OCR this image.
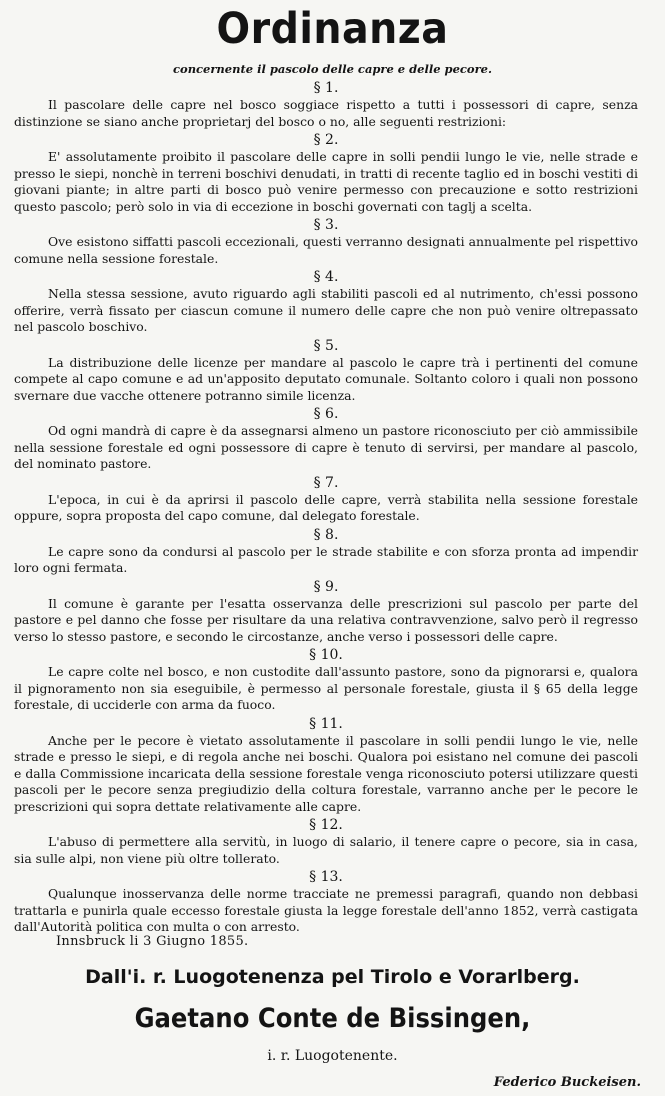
Ordinanza
concernente il pascolo delle capre e delle pecore.
§ 1.

Il pascolare delle capre nel bosco soggiace rispetto a tutti i possessori di capre, senza distinzione se siano anche proprietarj del bosco o no, alle seguenti restrizioni:

§ 2.

E' assolutamente proibito il pascolare delle capre in solli pendii lungo le vie, nelle strade e presso le siepi, nonchè in terreni boschivi denudati, in tratti di recente taglio ed in boschi vestiti di giovani piante; in altre parti di bosco può venire permesso con precauzione e sotto restrizioni questo pascolo; però solo in via di eccezione in boschi governati con taglj a scelta.

§ 3.

Ove esistono siffatti pascoli eccezionali, questi verranno designati annualmente pel rispettivo comune nella sessione forestale.

§ 4.

Nella stessa sessione, avuto riguardo agli stabiliti pascoli ed al nutrimento, ch'essi possono offerire, verrà fissato per ciascun comune il numero delle capre che non può venire oltrepassato nel pascolo boschivo.

§ 5.

La distribuzione delle licenze per mandare al pascolo le capre trà i pertinenti del comune compete al capo comune e ad un'apposito deputato comunale. Soltanto coloro i quali non possono svernare due vacche ottenere potranno simile licenza.

§ 6.

Od ogni mandrà di capre è da assegnarsi almeno un pastore riconosciuto per ciò ammissibile nella sessione forestale ed ogni possessore di capre è tenuto di servirsi, per mandare al pascolo, del nominato pastore.

§ 7.

L'epoca, in cui è da aprirsi il pascolo delle capre, verrà stabilita nella sessione forestale oppure, sopra proposta del capo comune, dal delegato forestale.

§ 8.

Le capre sono da condursi al pascolo per le strade stabilite e con sforza pronta ad impendir loro ogni fermata.

§ 9.

Il comune è garante per l'esatta osservanza delle prescrizioni sul pascolo per parte del pastore e pel danno che fosse per risultare da una relativa contravvenzione, salvo però il regresso verso lo stesso pastore, e secondo le circostanze, anche verso i possessori delle capre.

§ 10.

Le capre colte nel bosco, e non custodite dall'assunto pastore, sono da pignorarsi e, qualora il pignoramento non sia eseguibile, è permesso al personale forestale, giusta il § 65 della legge forestale, di ucciderle con arma da fuoco.

§ 11.

Anche per le pecore è vietato assolutamente il pascolare in solli pendii lungo le vie, nelle strade e presso le siepi, e di regola anche nei boschi. Qualora poi esistano nel comune dei pascoli e dalla Commissione incaricata della sessione forestale venga riconosciuto potersi utilizzare questi pascoli per le pecore senza pregiudizio della coltura forestale, varranno anche per le pecore le prescrizioni qui sopra dettate relativamente alle capre.

§ 12.

L'abuso di permettere alla servitù, in luogo di salario, il tenere capre o pecore, sia in casa, sia sulle alpi, non viene più oltre tollerato.

§ 13.

Qualunque inosservanza delle norme tracciate ne premessi paragrafi, quando non debbasi trattarla e punirla quale eccesso forestale giusta la legge forestale dell'anno 1852, verrà castigata dall'Autorità politica con multa o con arresto.

Innsbruck li 3 Giugno 1855.
Dall'i. r. Luogotenenza pel Tirolo e Vorarlberg.
Gaetano Conte de Bissingen,
i. r. Luogotenente.
Federico Buckeisen.
